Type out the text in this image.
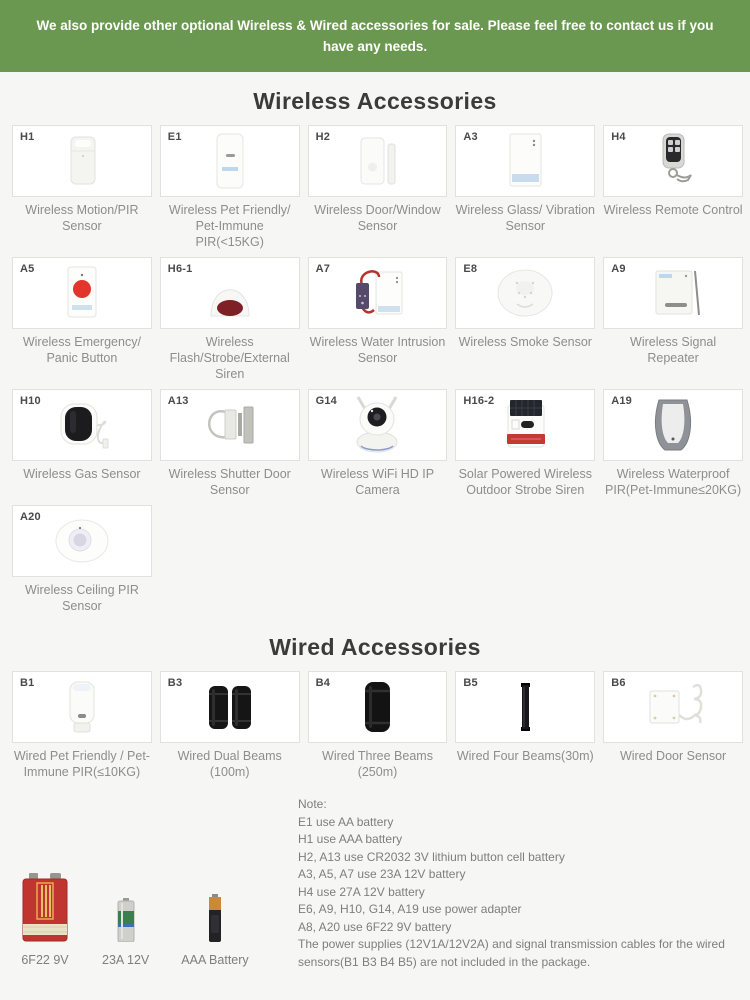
We also provide other optional Wireless & Wired accessories for sale. Please feel free to contact us if you have any needs.

Wireless Accessories
H1
Wireless Motion/PIR Sensor
E1
Wireless Pet Friendly/ Pet-Immune PIR(<15KG)
H2
Wireless Door/Window Sensor
A3
Wireless Glass/ Vibration Sensor
H4
Wireless Remote Control
A5
Wireless Emergency/ Panic Button
H6-1
Wireless Flash/Strobe/External Siren
A7
Wireless Water Intrusion Sensor
E8
Wireless Smoke Sensor
A9
Wireless Signal Repeater
H10
Wireless Gas Sensor
A13
Wireless Shutter Door Sensor
G14
Wireless WiFi HD IP Camera
H16-2
Solar Powered Wireless Outdoor Strobe Siren
A19
Wireless Waterproof PIR(Pet-Immune≤20KG)
A20
Wireless Ceiling PIR Sensor
Wired Accessories
B1
Wired Pet Friendly / Pet-Immune PIR(≤10KG)
B3
Wired Dual Beams (100m)
B4
Wired Three Beams (250m)
B5
Wired Four Beams(30m)
B6
Wired Door Sensor
6F22 9V	23A 12V	AAA Battery

Note:

E1 use AA battery

H1 use AAA battery

H2, A13 use CR2032 3V lithium button cell battery

A3, A5, A7 use 23A 12V battery

H4 use 27A 12V battery

E6, A9, H10, G14, A19 use power adapter

A8, A20 use 6F22 9V battery

The power supplies (12V1A/12V2A) and signal transmission cables for the wired sensors(B1 B3 B4 B5) are not included in the package.
